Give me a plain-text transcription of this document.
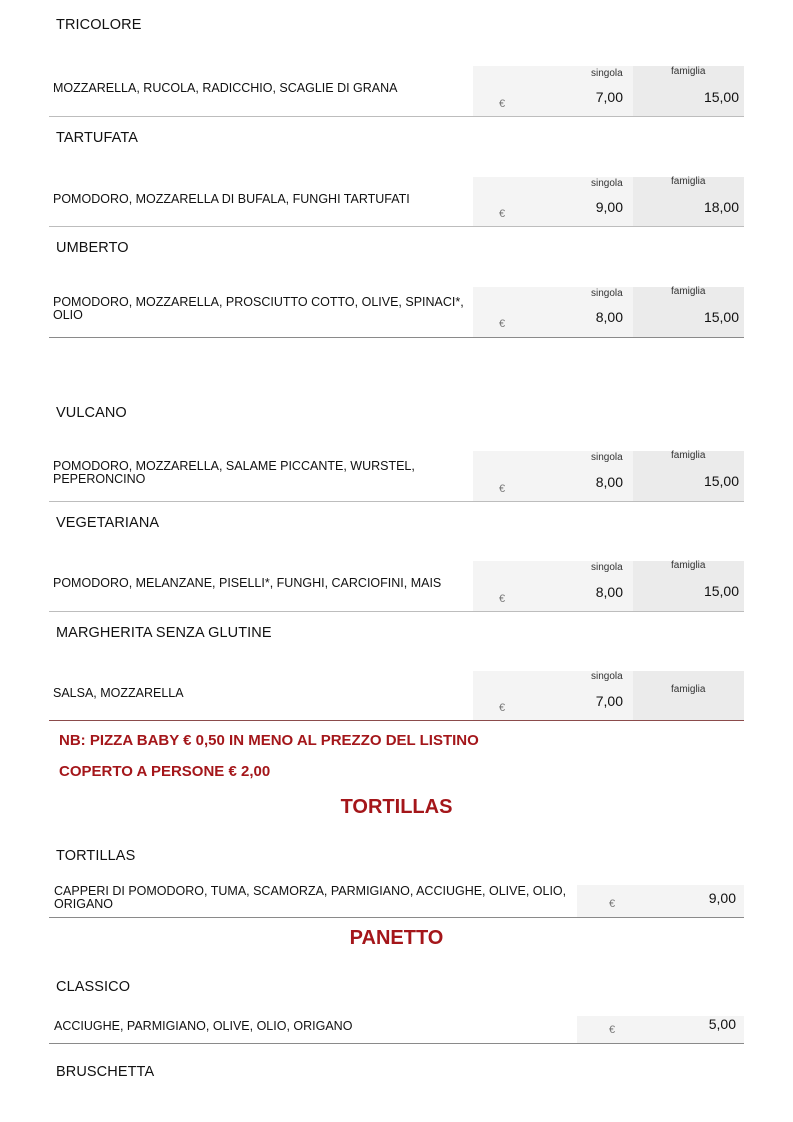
TRICOLORE
MOZZARELLA, RUCOLA, RADICCHIO, SCAGLIE DI GRANA
singola
€	7,00
famiglia
15,00
TARTUFATA
POMODORO, MOZZARELLA DI BUFALA, FUNGHI TARTUFATI
singola
€	9,00
famiglia
18,00
UMBERTO
POMODORO, MOZZARELLA, PROSCIUTTO COTTO, OLIVE, SPINACI*, OLIO
singola
€	8,00
famiglia
15,00
VULCANO
POMODORO, MOZZARELLA, SALAME PICCANTE, WURSTEL, PEPERONCINO
singola
€	8,00
famiglia
15,00
VEGETARIANA
POMODORO, MELANZANE, PISELLI*, FUNGHI, CARCIOFINI, MAIS
singola
€	8,00
famiglia
15,00
MARGHERITA SENZA GLUTINE
SALSA, MOZZARELLA
singola
€	7,00
famiglia
NB: PIZZA BABY € 0,50 IN MENO AL PREZZO DEL LISTINO
COPERTO A PERSONE € 2,00
TORTILLAS
TORTILLAS
CAPPERI DI POMODORO, TUMA, SCAMORZA, PARMIGIANO, ACCIUGHE, OLIVE, OLIO, ORIGANO	€	9,00
PANETTO
CLASSICO
ACCIUGHE, PARMIGIANO, OLIVE, OLIO, ORIGANO	€	5,00
BRUSCHETTA
